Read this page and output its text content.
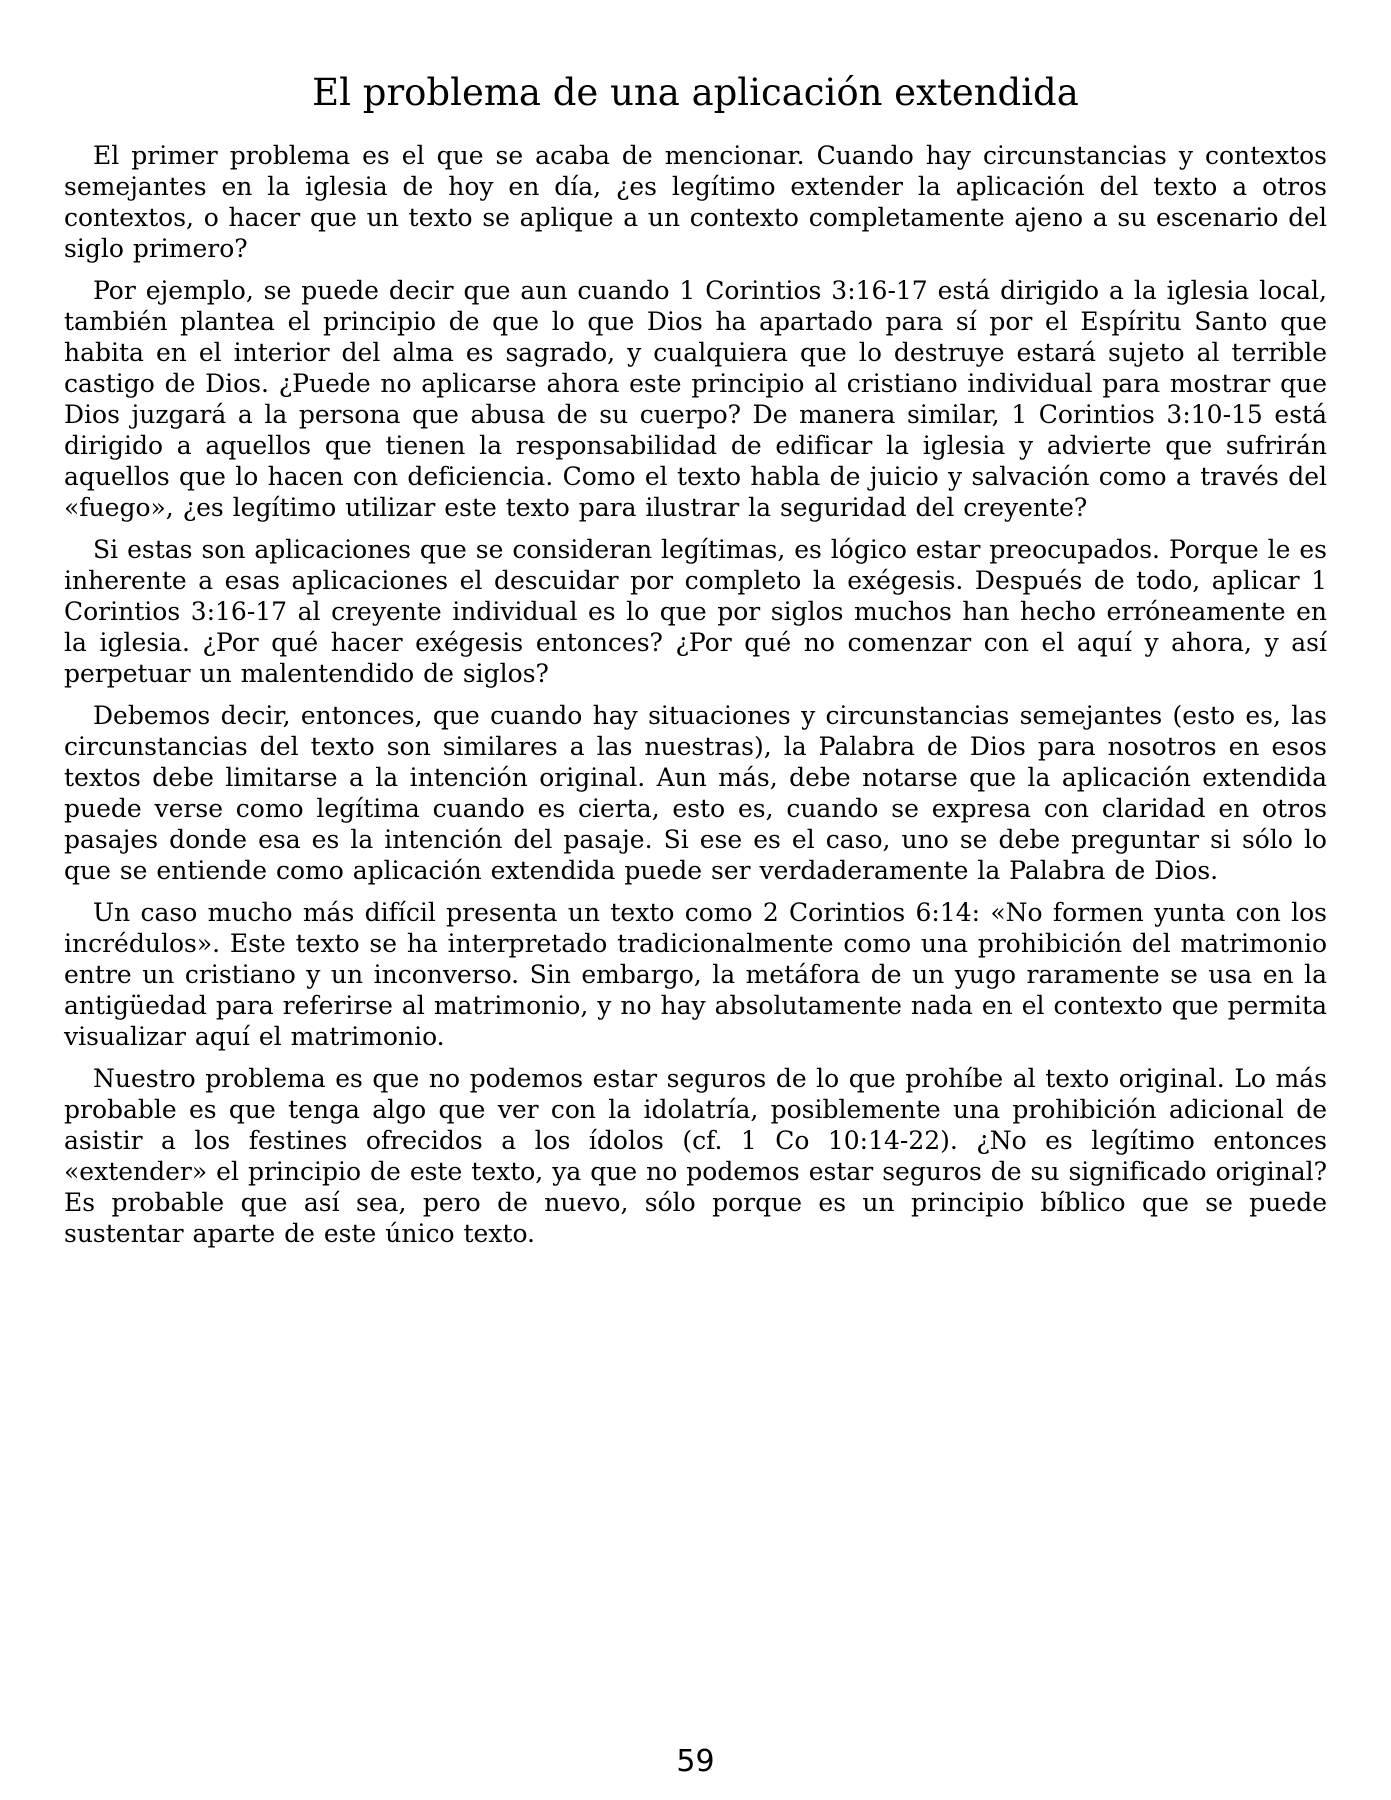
El problema de una aplicación extendida

El primer problema es el que se acaba de mencionar. Cuando hay circunstancias y contextos semejantes en la iglesia de hoy en día, ¿es legítimo extender la aplicación del texto a otros contextos, o hacer que un texto se aplique a un contexto completamente ajeno a su escenario del siglo primero?

Por ejemplo, se puede decir que aun cuando 1 Corintios 3:16-17 está dirigido a la iglesia local, también plantea el principio de que lo que Dios ha apartado para sí por el Espíritu Santo que habita en el interior del alma es sagrado, y cualquiera que lo destruye estará sujeto al terrible castigo de Dios. ¿Puede no aplicarse ahora este principio al cristiano individual para mostrar que Dios juzgará a la persona que abusa de su cuerpo? De manera similar, 1 Corintios 3:10-15 está dirigido a aquellos que tienen la responsabilidad de edificar la iglesia y advierte que sufrirán aquellos que lo hacen con deficiencia. Como el texto habla de juicio y salvación como a través del «fuego», ¿es legítimo utilizar este texto para ilustrar la seguridad del creyente?

Si estas son aplicaciones que se consideran legítimas, es lógico estar preocupados. Porque le es inherente a esas aplicaciones el descuidar por completo la exégesis. Después de todo, aplicar 1 Corintios 3:16-17 al creyente individual es lo que por siglos muchos han hecho erróneamente en la iglesia. ¿Por qué hacer exégesis entonces? ¿Por qué no comenzar con el aquí y ahora, y así perpetuar un malentendido de siglos?

Debemos decir, entonces, que cuando hay situaciones y circunstancias semejantes (esto es, las circunstancias del texto son similares a las nuestras), la Palabra de Dios para nosotros en esos textos debe limitarse a la intención original. Aun más, debe notarse que la aplicación extendida puede verse como legítima cuando es cierta, esto es, cuando se expresa con claridad en otros pasajes donde esa es la intención del pasaje. Si ese es el caso, uno se debe preguntar si sólo lo que se entiende como aplicación extendida puede ser verdaderamente la Palabra de Dios.

Un caso mucho más difícil presenta un texto como 2 Corintios 6:14: «No formen yunta con los incrédulos». Este texto se ha interpretado tradicionalmente como una prohibición del matrimonio entre un cristiano y un inconverso. Sin embargo, la metáfora de un yugo raramente se usa en la antigüedad para referirse al matrimonio, y no hay absolutamente nada en el contexto que permita visualizar aquí el matrimonio.

Nuestro problema es que no podemos estar seguros de lo que prohíbe al texto original. Lo más probable es que tenga algo que ver con la idolatría, posiblemente una prohibición adicional de asistir a los festines ofrecidos a los ídolos (cf. 1 Co 10:14-22). ¿No es legítimo entonces «extender» el principio de este texto, ya que no podemos estar seguros de su significado original? Es probable que así sea, pero de nuevo, sólo porque es un principio bíblico que se puede sustentar aparte de este único texto.

59
